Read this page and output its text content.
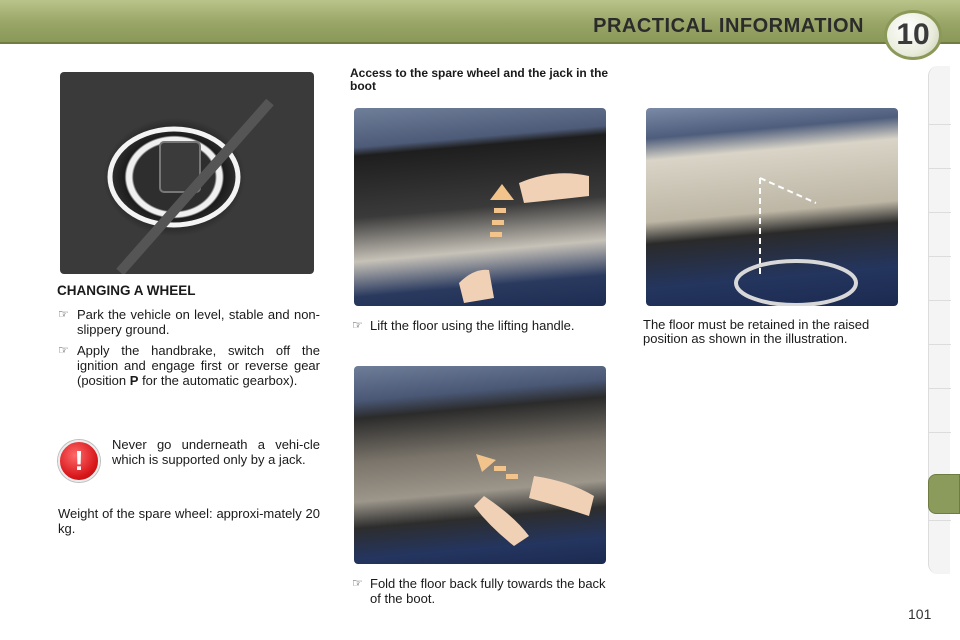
PRACTICAL INFORMATION	10
CHANGING A WHEEL
☞ Park the vehicle on level, stable and non-slippery ground.
☞ Apply the handbrake, switch off the ignition and engage first or reverse gear (position P for the automatic gearbox).
!
Never go underneath a vehi-cle which is supported only by a jack.
Weight of the spare wheel: approxi-mately 20 kg.
Access to the spare wheel and the jack in the boot
☞ Lift the floor using the lifting handle.	The floor must be retained in the raised position as shown in the illustration.
☞ Fold the floor back fully towards the back of the boot.
101
